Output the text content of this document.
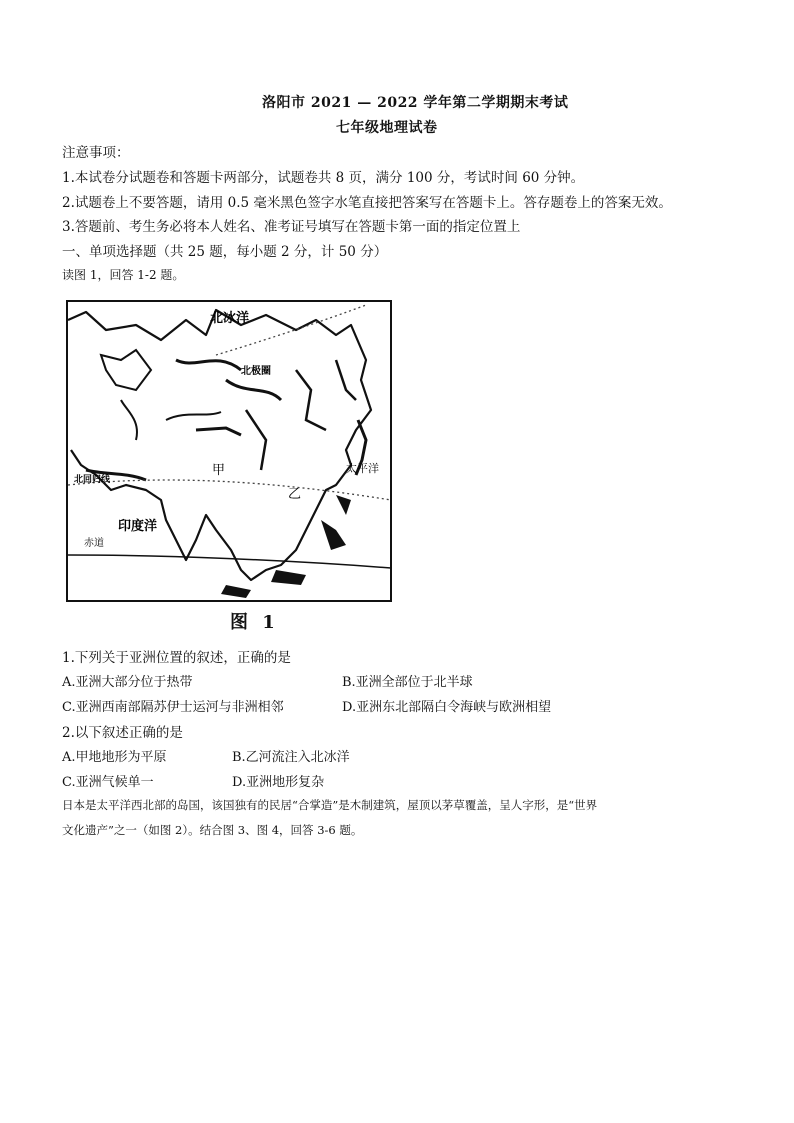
洛阳市 2021 — 2022 学年第二学期期末考试
七年级地理试卷
注意事项：
1.本试卷分试题卷和答题卡两部分，试题卷共 8 页，满分 100 分，考试时间 60 分钟。
2.试题卷上不要答题，请用 0.5 毫米黑色签字水笔直接把答案写在答题卡上。答存题卷上的答案无效。
3.答题前、考生务必将本人姓名、准考证号填写在答题卡第一面的指定位置上
一、单项选择题（共 25 题，每小题 2 分，计 50 分）
读图 1，回答 1-2 题。
北冰洋
北极圈
北回归线
印度洋
赤道
太平洋
甲
乙
图 1
1.下列关于亚洲位置的叙述，正确的是
A.亚洲大部分位于热带	B.亚洲全部位于北半球
C.亚洲西南部隔苏伊士运河与非洲相邻	D.亚洲东北部隔白令海峡与欧洲相望
2.以下叙述正确的是
A.甲地地形为平原	B.乙河流注入北冰洋
C.亚洲气候单一	D.亚洲地形复杂
日本是太平洋西北部的岛国，该国独有的民居“合掌造”是木制建筑，屋顶以茅草覆盖，呈人字形，是“世界
文化遗产”之一（如图 2）。结合图 3、图 4，回答 3-6 题。
